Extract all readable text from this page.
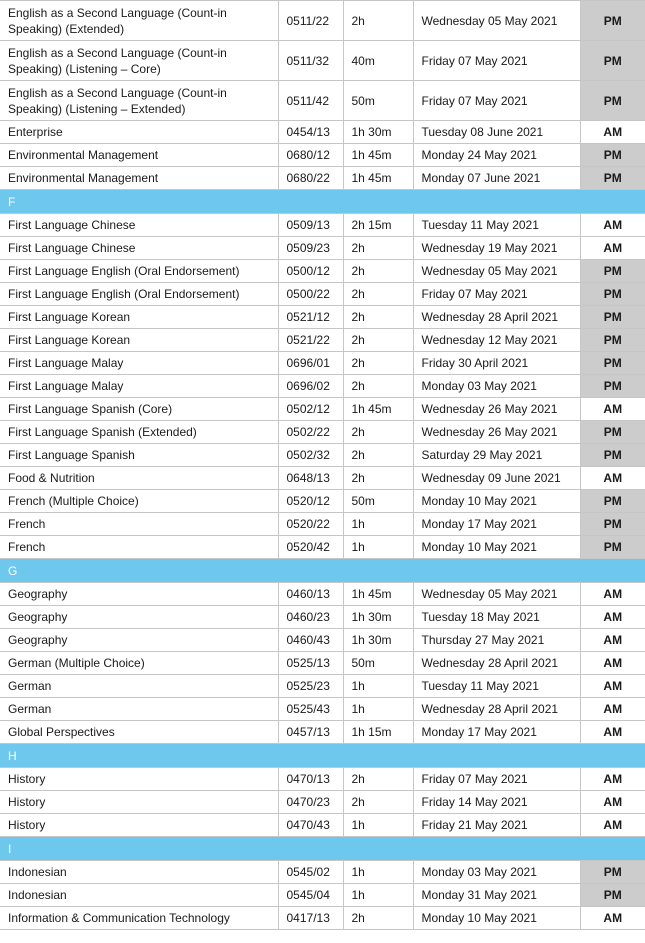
English as a Second Language (Count-in Speaking) (Extended)	0511/22	2h	Wednesday 05 May 2021	PM
English as a Second Language (Count-in Speaking) (Listening – Core)	0511/32	40m	Friday 07 May 2021	PM
English as a Second Language (Count-in Speaking) (Listening – Extended)	0511/42	50m	Friday 07 May 2021	PM
Enterprise	0454/13	1h 30m	Tuesday 08 June 2021	AM
Environmental Management	0680/12	1h 45m	Monday 24 May 2021	PM
Environmental Management	0680/22	1h 45m	Monday 07 June 2021	PM
F				
First Language Chinese	0509/13	2h 15m	Tuesday 11 May 2021	AM
First Language Chinese	0509/23	2h	Wednesday 19 May 2021	AM
First Language English (Oral Endorsement)	0500/12	2h	Wednesday 05 May 2021	PM
First Language English (Oral Endorsement)	0500/22	2h	Friday 07 May 2021	PM
First Language Korean	0521/12	2h	Wednesday 28 April 2021	PM
First Language Korean	0521/22	2h	Wednesday 12 May 2021	PM
First Language Malay	0696/01	2h	Friday 30 April 2021	PM
First Language Malay	0696/02	2h	Monday 03 May 2021	PM
First Language Spanish (Core)	0502/12	1h 45m	Wednesday 26 May 2021	AM
First Language Spanish (Extended)	0502/22	2h	Wednesday 26 May 2021	PM
First Language Spanish	0502/32	2h	Saturday 29 May 2021	PM
Food & Nutrition	0648/13	2h	Wednesday 09 June 2021	AM
French (Multiple Choice)	0520/12	50m	Monday 10 May 2021	PM
French	0520/22	1h	Monday 17 May 2021	PM
French	0520/42	1h	Monday 10 May 2021	PM
G				
Geography	0460/13	1h 45m	Wednesday 05 May 2021	AM
Geography	0460/23	1h 30m	Tuesday 18 May 2021	AM
Geography	0460/43	1h 30m	Thursday 27 May 2021	AM
German (Multiple Choice)	0525/13	50m	Wednesday 28 April 2021	AM
German	0525/23	1h	Tuesday 11 May 2021	AM
German	0525/43	1h	Wednesday 28 April 2021	AM
Global Perspectives	0457/13	1h 15m	Monday 17 May 2021	AM
H				
History	0470/13	2h	Friday 07 May 2021	AM
History	0470/23	2h	Friday 14 May 2021	AM
History	0470/43	1h	Friday 21 May 2021	AM
I				
Indonesian	0545/02	1h	Monday 03 May 2021	PM
Indonesian	0545/04	1h	Monday 31 May 2021	PM
Information & Communication Technology	0417/13	2h	Monday 10 May 2021	AM
